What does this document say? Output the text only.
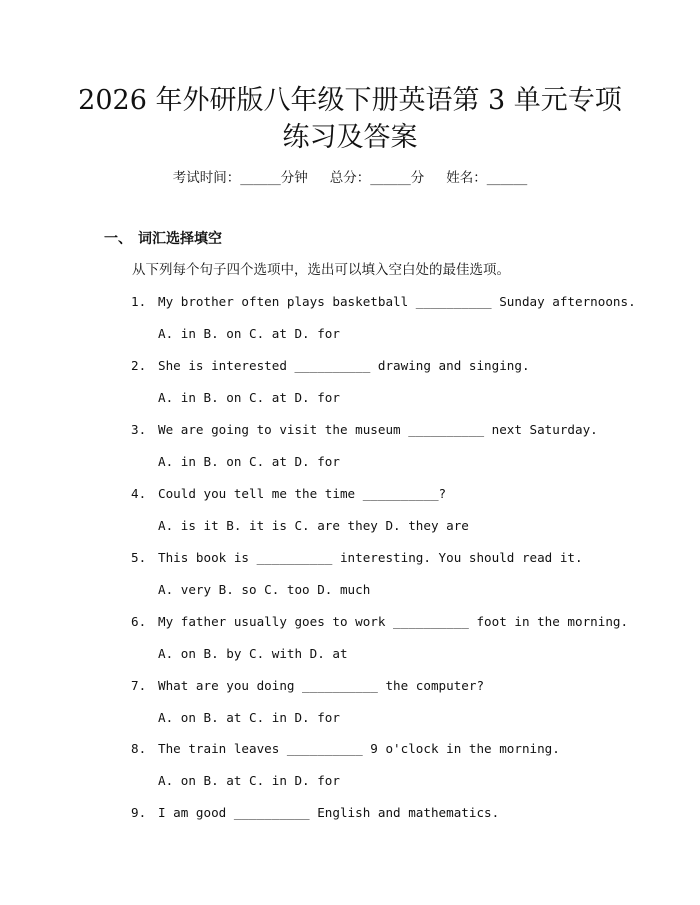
2026 年外研版八年级下册英语第 3 单元专项
练习及答案
考试时间：______分钟 总分：______分 姓名：______
一、 词汇选择填空
从下列每个句子四个选项中，选出可以填入空白处的最佳选项。
1. My brother often plays basketball __________ Sunday afternoons.
A. in B. on C. at D. for
2. She is interested __________ drawing and singing.
A. in B. on C. at D. for
3. We are going to visit the museum __________ next Saturday.
A. in B. on C. at D. for
4. Could you tell me the time __________?
A. is it B. it is C. are they D. they are
5. This book is __________ interesting. You should read it.
A. very B. so C. too D. much
6. My father usually goes to work __________ foot in the morning.
A. on B. by C. with D. at
7. What are you doing __________ the computer?
A. on B. at C. in D. for
8. The train leaves __________ 9 o'clock in the morning.
A. on B. at C. in D. for
9. I am good __________ English and mathematics.
